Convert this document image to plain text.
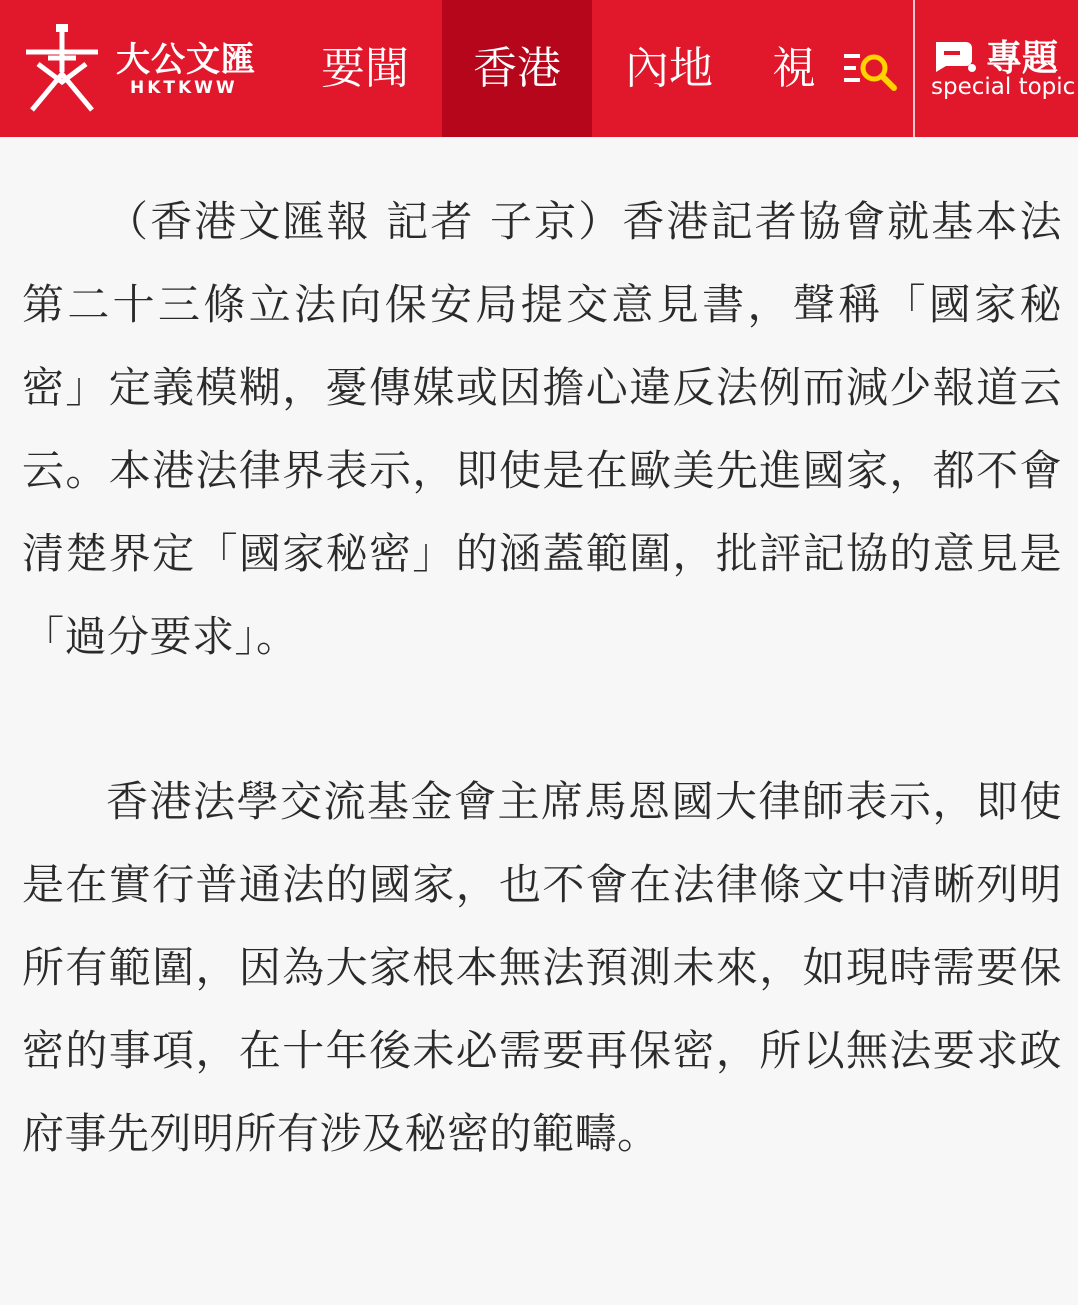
大公文匯
HKTKWW	要聞	香港	內地	視	專題
special topic

（香港文匯報 記者 子京）香港記者協會就基本法第二十三條立法向保安局提交意見書，聲稱「國家秘密」定義模糊，憂傳媒或因擔心違反法例而減少報道云云。本港法律界表示，即使是在歐美先進國家，都不會清楚界定「國家秘密」的涵蓋範圍，批評記協的意見是「過分要求」。

香港法學交流基金會主席馬恩國大律師表示，即使是在實行普通法的國家，也不會在法律條文中清晰列明所有範圍，因為大家根本無法預測未來，如現時需要保密的事項，在十年後未必需要再保密，所以無法要求政府事先列明所有涉及秘密的範疇。
